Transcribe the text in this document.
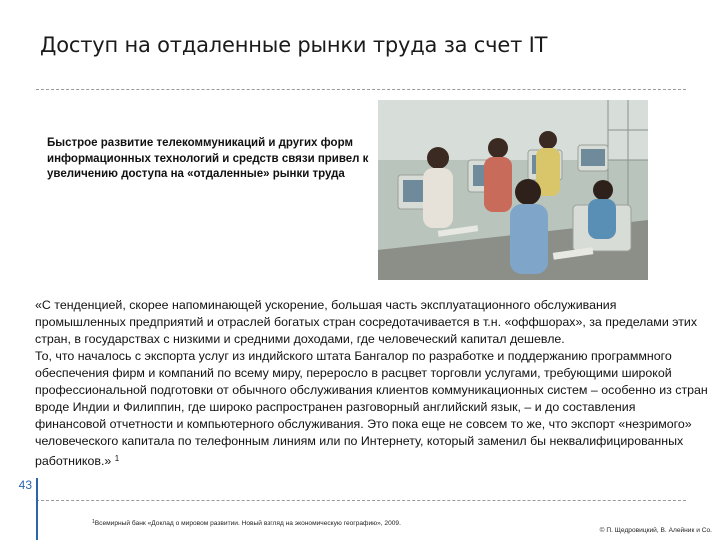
Доступ на отдаленные рынки труда за счет IT
Быстрое развитие телекоммуникаций и других форм информационных технологий и средств связи привел к увеличению доступа на «отдаленные» рынки труда

«С тенденцией, скорее напоминающей ускорение, большая часть эксплуатационного обслуживания промышленных предприятий и отраслей богатых стран сосредотачивается в т.н. «оффшорах», за пределами этих стран, в государствах с низкими и средними доходами, где человеческий капитал дешевле.

То, что началось с экспорта услуг из индийского штата Бангалор по разработке и поддержанию программного обеспечения фирм и компаний по всему миру, переросло в расцвет торговли услугами, требующими широкой профессиональной подготовки от обычного обслуживания клиентов коммуникационных систем – особенно из стран вроде Индии и Филиппин, где широко распространен разговорный английский язык, – и до составления финансовой отчетности и компьютерного обслуживания. Это пока еще не совсем то же, что экспорт «незримого» человеческого капитала по телефонным линиям или по Интернету, который заменил бы неквалифицированных работников.» $^1$

43
$^1$Всемирный банк «Доклад о мировом развитии. Новый взгляд на экономическую географию», 2009.
© П. Щедровицкий, В. Алейник и Со.
